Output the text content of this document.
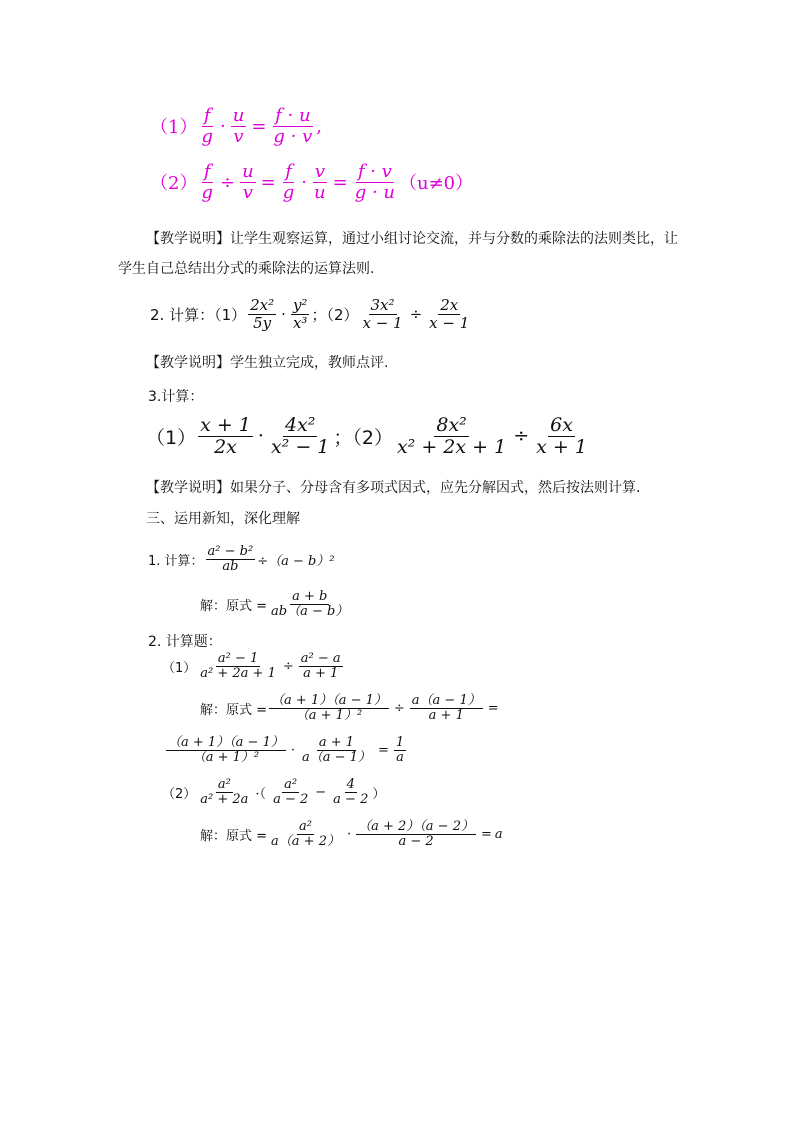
$(1) \frac{f}{g} \cdot \frac{u}{v} = \frac{f \cdot u}{g \cdot v}$ ,
$(2) \frac{f}{g} \div \frac{u}{v} = \frac{f}{g} \cdot \frac{v}{u} = \frac{f \cdot v}{g \cdot u} (u\ne 0)$
【教学说明】 让学生观察运算，通过小组讨论交流，并与分数的乘除法的法则类比，让
学生自己总结出分式的乘除法的运算法则.
2. 计算：$(1) \frac{\text{2x²}}{5y} \cdot \frac{\text{y²}}{\text{x³}}$ ；$(2) \frac{\text{3x²}}{x - 1} \div \frac{2x}{x - 1}$
【教学说明】 学生独立完成，教师点评.
3.计算：
$(1) \frac{x + 1}{2x} \cdot \frac{\text{4x²}}{\text{x² − 1}}$ ；$(2) \frac{\text{8x²}}{\text{x² + 2x + 1}} \div \frac{6x}{x + 1}$
【教学说明】 如果分子、分母含有多项式因式，应先分解因式，然后按法则计算.
三、运用新知，深化理解
1. 计算： $\frac{\text{a² − b²}}{ab} \div(a - b)^2$
解：原式 = $\frac{a + b}{ab(a - b)}$
2. 计算题：
$(1) \frac{\text{a² − 1}}{\text{a² + 2a + 1}} \div \frac{\text{a² − a}}{a + 1}$
解：原式 = $\frac{(a + 1)(a - 1)}{\text{（a + 1）²}} \div \frac{a(a - 1)}{a + 1}$ =
$\frac{(a + 1)(a - 1)}{\text{（a + 1）²}} \cdot \frac{a + 1}{a(a - 1)} = \frac{1}{a}$
$(2) \frac{\text{a²}}{\text{a² + 2a}}$ ·（ $\frac{\text{a²}}{a - 2} - \frac{4}{a - 2}$ ）
解：原式 = $\frac{\text{a²}}{a(a + 2)} \cdot \frac{(a + 2)(a - 2)}{a - 2} = a$
